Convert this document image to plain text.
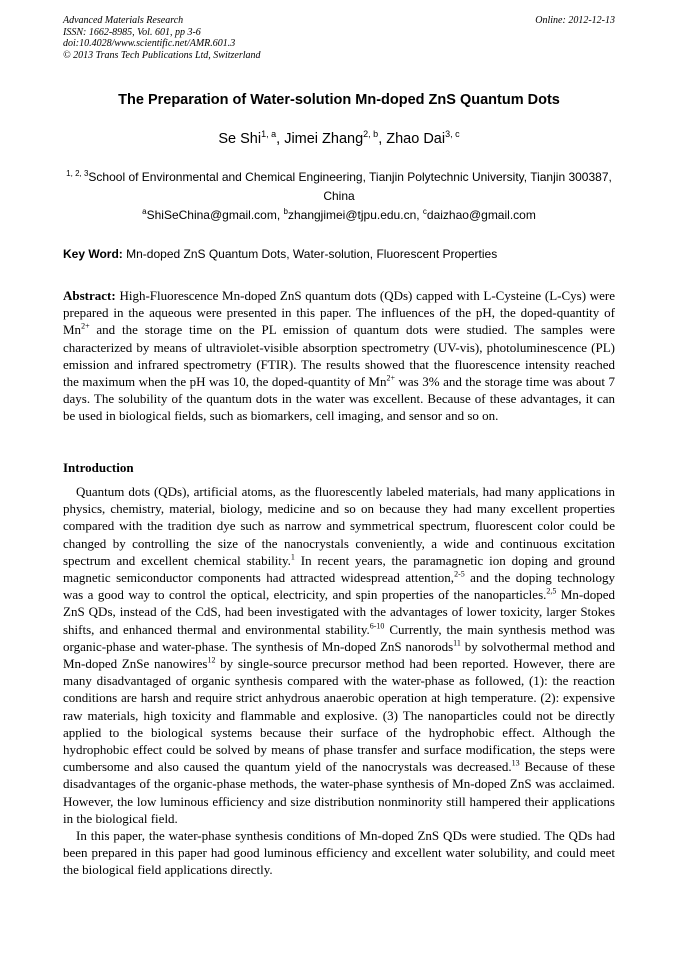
Advanced Materials Research
ISSN: 1662-8985, Vol. 601, pp 3-6
doi:10.4028/www.scientific.net/AMR.601.3
© 2013 Trans Tech Publications Ltd, Switzerland
Online: 2012-12-13
The Preparation of Water-solution Mn-doped ZnS Quantum Dots
Se Shi$^{1, a}$, Jimei Zhang$^{2, b}$, Zhao Dai$^{3, c}$
$^{1, 2, 3}$School of Environmental and Chemical Engineering, Tianjin Polytechnic University, Tianjin 300387, China
$^a$ShiSeChina@gmail.com, $^b$zhangjimei@tjpu.edu.cn, $^c$daizhao@gmail.com
Key Word: Mn-doped ZnS Quantum Dots, Water-solution, Fluorescent Properties
Abstract: High-Fluorescence Mn-doped ZnS quantum dots (QDs) capped with L-Cysteine (L-Cys) were prepared in the aqueous were presented in this paper. The influences of the pH, the doped-quantity of $Mn^{2+}$ and the storage time on the PL emission of quantum dots were studied. The samples were characterized by means of ultraviolet-visible absorption spectrometry (UV-vis), photoluminescence (PL) emission and infrared spectrometry (FTIR). The results showed that the fluorescence intensity reached the maximum when the pH was 10, the doped-quantity of $Mn^{2+}$ was 3% and the storage time was about 7 days. The solubility of the quantum dots in the water was excellent. Because of these advantages, it can be used in biological fields, such as biomarkers, cell imaging, and sensor and so on.
Introduction

Quantum dots (QDs), artificial atoms, as the fluorescently labeled materials, had many applications in physics, chemistry, material, biology, medicine and so on because they had many excellent properties compared with the tradition dye such as narrow and symmetrical spectrum, fluorescent color could be changed by controlling the size of the nanocrystals conveniently, a wide and continuous excitation spectrum and excellent chemical stability.$^1$ In recent years, the paramagnetic ion doping and ground magnetic semiconductor components had attracted widespread attention,$^{2-5}$ and the doping technology was a good way to control the optical, electricity, and spin properties of the nanoparticles.$^{2,5}$ Mn-doped ZnS QDs, instead of the CdS, had been investigated with the advantages of lower toxicity, larger Stokes shifts, and enhanced thermal and environmental stability.$^{6-10}$ Currently, the main synthesis method was organic-phase and water-phase. The synthesis of Mn-doped ZnS nanorods$^{11}$ by solvothermal method and Mn-doped ZnSe nanowires$^{12}$ by single-source precursor method had been reported. However, there are many disadvantaged of organic synthesis compared with the water-phase as followed, (1): the reaction conditions are harsh and require strict anhydrous anaerobic operation at high temperature. (2): expensive raw materials, high toxicity and flammable and explosive. (3) The nanoparticles could not be directly applied to the biological systems because their surface of the hydrophobic effect. Although the hydrophobic effect could be solved by means of phase transfer and surface modification, the steps were cumbersome and also caused the quantum yield of the nanocrystals was decreased.$^{13}$ Because of these disadvantages of the organic-phase methods, the water-phase synthesis of Mn-doped ZnS was acclaimed. However, the low luminous efficiency and size distribution nonminority still hampered their applications in the biological field.

In this paper, the water-phase synthesis conditions of Mn-doped ZnS QDs were studied. The QDs had been prepared in this paper had good luminous efficiency and excellent water solubility, and could meet the biological field applications directly.
